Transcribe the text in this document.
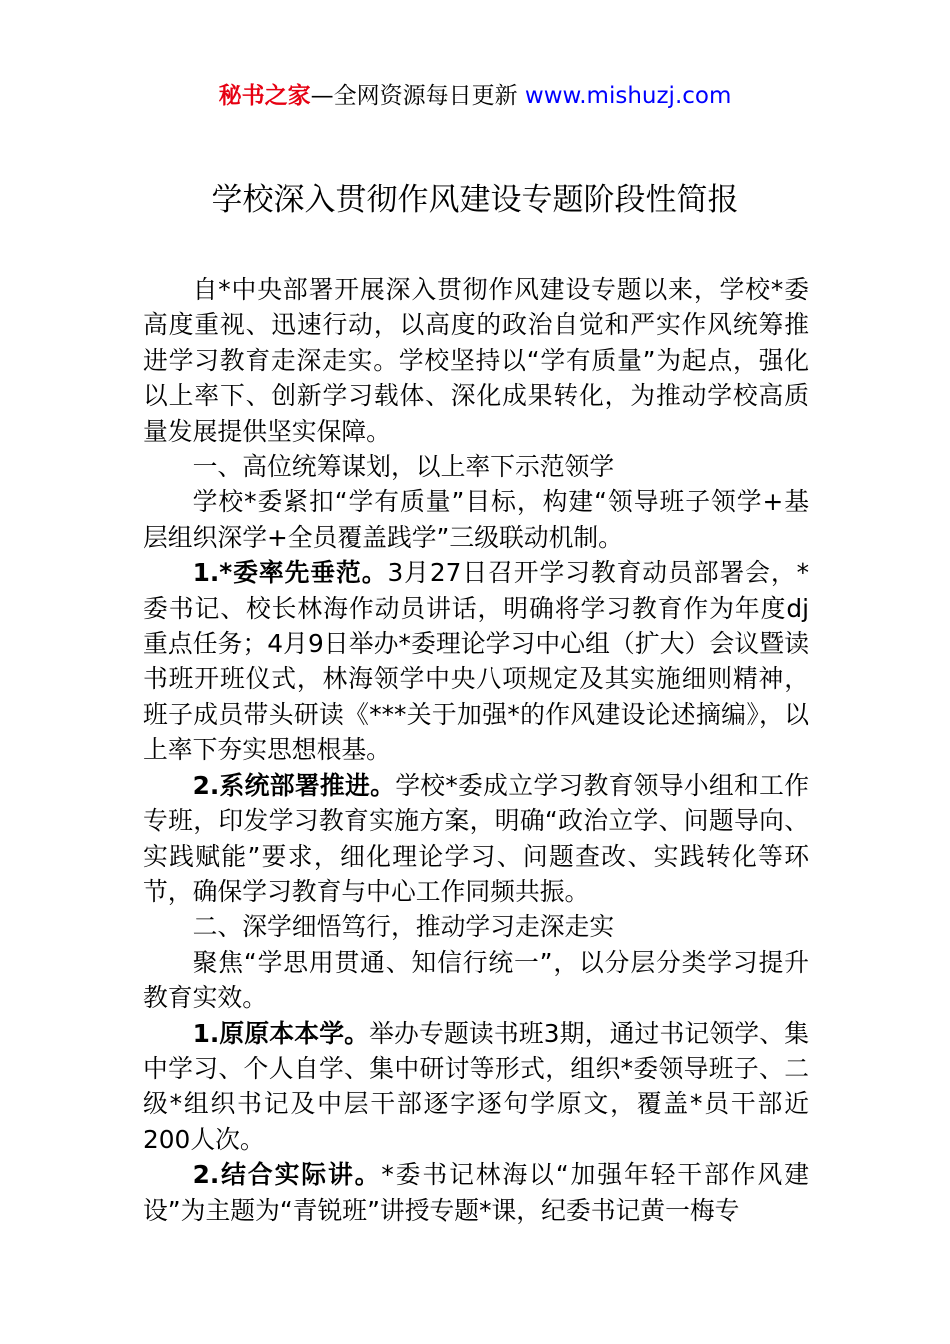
秘书之家—全网资源每日更新 www.mishuzj.com
学校深入贯彻作风建设专题阶段性简报

自*中央部署开展深入贯彻作风建设专题以来，学校*委高度重视、迅速行动，以高度的政治自觉和严实作风统筹推进学习教育走深走实。学校坚持以“学有质量”为起点，强化以上率下、创新学习载体、深化成果转化，为推动学校高质量发展提供坚实保障。

一、高位统筹谋划，以上率下示范领学

学校*委紧扣“学有质量”目标，构建“领导班子领学+基层组织深学+全员覆盖践学”三级联动机制。

1.*委率先垂范。3月27日召开学习教育动员部署会，*委书记、校长林海作动员讲话，明确将学习教育作为年度dj重点任务；4月9日举办*委理论学习中心组（扩大）会议暨读书班开班仪式，林海领学中央八项规定及其实施细则精神，班子成员带头研读《***关于加强*的作风建设论述摘编》，以上率下夯实思想根基。

2.系统部署推进。学校*委成立学习教育领导小组和工作专班，印发学习教育实施方案，明确“政治立学、问题导向、实践赋能”要求，细化理论学习、问题查改、实践转化等环节，确保学习教育与中心工作同频共振。

二、深学细悟笃行，推动学习走深走实

聚焦“学思用贯通、知信行统一”，以分层分类学习提升教育实效。

1.原原本本学。举办专题读书班3期，通过书记领学、集中学习、个人自学、集中研讨等形式，组织*委领导班子、二级*组织书记及中层干部逐字逐句学原文，覆盖*员干部近200人次。

2.结合实际讲。*委书记林海以“加强年轻干部作风建设”为主题为“青锐班”讲授专题*课，纪委书记黄一梅专
